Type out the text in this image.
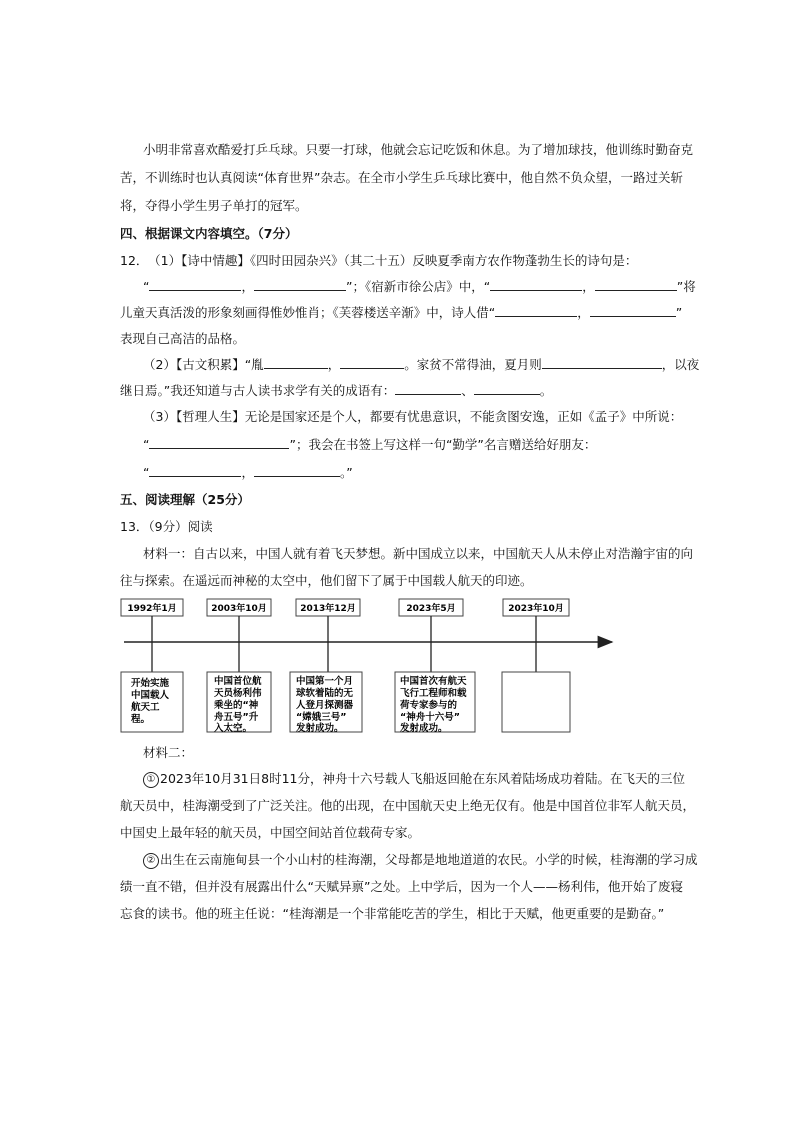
小明非常喜欢酷爱打乒乓球。只要一打球，他就会忘记吃饭和休息。为了增加球技，他训练时勤奋克
苦，不训练时也认真阅读“体育世界”杂志。在全市小学生乒乓球比赛中，他自然不负众望，一路过关斩
将，夺得小学生男子单打的冠军。
四、根据课文内容填空。（7分）
12． （1）【诗中情趣】《四时田园杂兴》（其二十五）反映夏季南方农作物蓬勃生长的诗句是：
“	，	”；《宿新市徐公店》中，“	，	”将
儿童天真活泼的形象刻画得惟妙惟肖；《芙蓉楼送辛渐》中，诗人借“	，	”
表现自己高洁的品格。
（2）【古文积累】“胤	，	。家贫不常得油，夏月则	，以夜
继日焉。”我还知道与古人读书求学有关的成语有：	、	。
（3）【哲理人生】无论是国家还是个人，都要有忧患意识，不能贪图安逸，正如《孟子》中所说：
“	”；我会在书签上写这样一句“勤学”名言赠送给好朋友：
“	，	。”
五、阅读理解（25分）
13．（9分）阅读
材料一：自古以来，中国人就有着飞天梦想。新中国成立以来，中国航天人从未停止对浩瀚宇宙的向
往与探索。在遥远而神秘的太空中，他们留下了属于中国载人航天的印迹。
1992年1月	2003年10月	2013年12月	2023年5月	2023年10月
开始实施
中国载人
航天工
程。
中国首位航
天员杨利伟
乘坐的“神
舟五号”升
入太空。
中国第一个月
球软着陆的无
人登月探测器
“嫦娥三号”
发射成功。
中国首次有航天
飞行工程师和载
荷专家参与的
“神舟十六号”
发射成功。
材料二：
① 2023年10月31日8时11分，神舟十六号载人飞船返回舱在东风着陆场成功着陆。在飞天的三位
航天员中，桂海潮受到了广泛关注。他的出现，在中国航天史上绝无仅有。他是中国首位非军人航天员，
中国史上最年轻的航天员，中国空间站首位载荷专家。
② 出生在云南施甸县一个小山村的桂海潮，父母都是地地道道的农民。小学的时候，桂海潮的学习成
绩一直不错，但并没有展露出什么“天赋异禀”之处。上中学后，因为一个人——杨利伟，他开始了废寝
忘食的读书。他的班主任说：“桂海潮是一个非常能吃苦的学生，相比于天赋，他更重要的是勤奋。”
